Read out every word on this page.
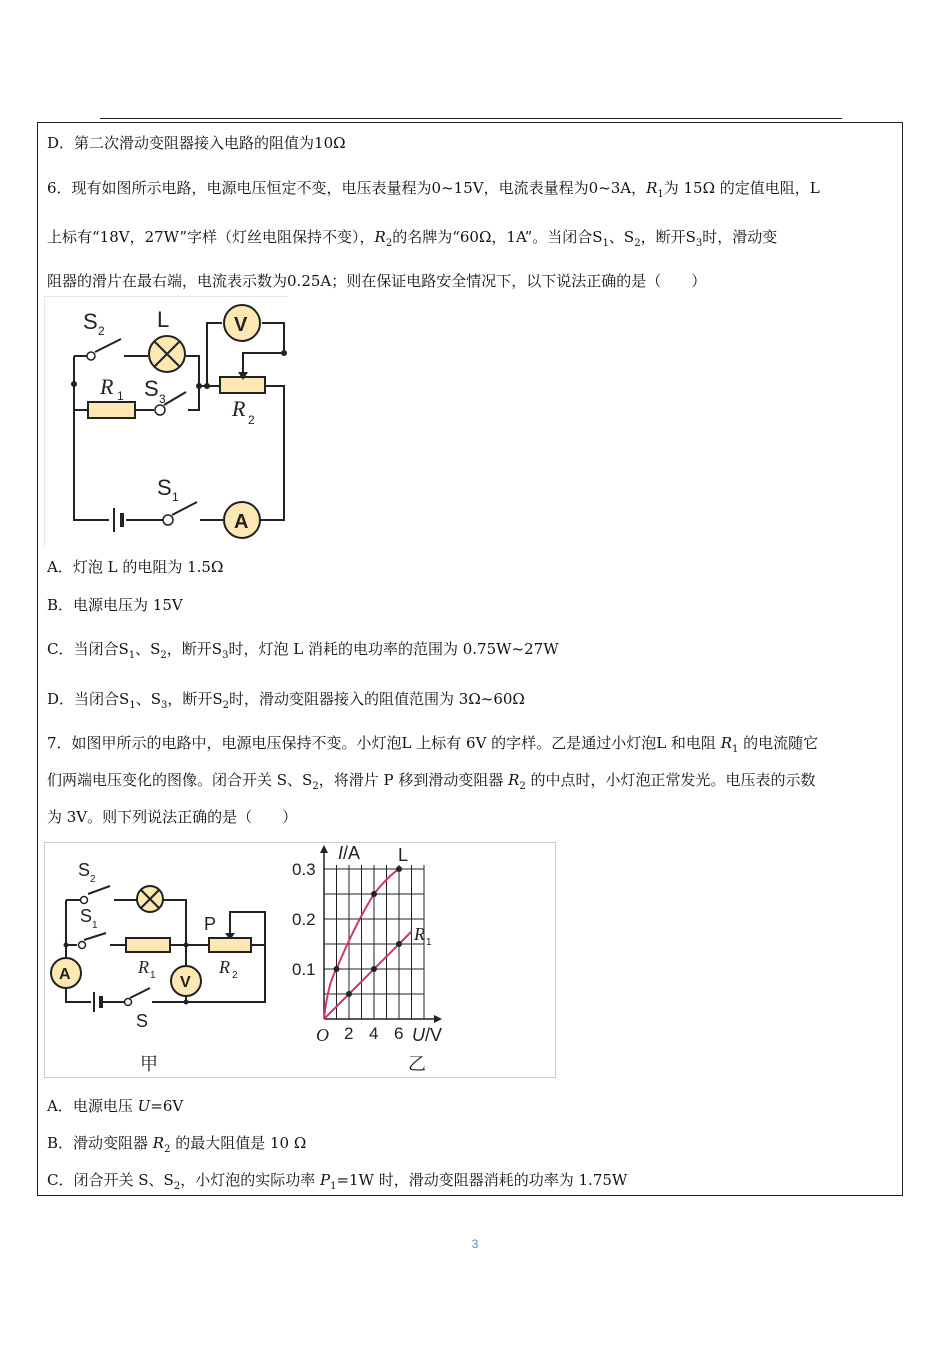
D．第二次滑动变阻器接入电路的阻值为10Ω
6．现有如图所示电路，电源电压恒定不变，电压表量程为0~15V，电流表量程为0~3A，$R_1$为 15Ω 的定值电阻，L
上标有“18V，27W”字样（灯丝电阻保持不变），$R_2$的名牌为“60Ω，1A”。当闭合$S_1$、$S_2$，断开$S_3$时，滑动变
阻器的滑片在最右端，电流表示数为0.25A；则在保证电路安全情况下，以下说法正确的是（　　）
S 2 L	V
R 1 S 3	R 2
S 1
A
A．灯泡 L 的电阻为 1.5Ω
B．电源电压为 15V
C．当闭合$S_1$、$S_2$，断开$S_3$时，灯泡 L 消耗的电功率的范围为 0.75W~27W
D．当闭合$S_1$、$S_3$，断开$S_2$时，滑动变阻器接入的阻值范围为 3Ω~60Ω
7．如图甲所示的电路中，电源电压保持不变。小灯泡L 上标有 6V 的字样。乙是通过小灯泡L 和电阻 $R_1$ 的电流随它
们两端电压变化的图像。闭合开关 S、$S_2$，将滑片 P 移到滑动变阻器 $R_2$ 的中点时，小灯泡正常发光。电压表的示数
为 3V。则下列说法正确的是（　　）
S 2
S 1	P
A	R 1 V
R 2
S
甲	乙
2 4 6
0.1
0.2
0.3
O	U/V
I/A L
R 1
A．电源电压 U=6V
B．滑动变阻器 $R_2$ 的最大阻值是 10 Ω
C．闭合开关 S、$S_2$，小灯泡的实际功率 $P_1=1W$ 时，滑动变阻器消耗的功率为 1.75W
3
